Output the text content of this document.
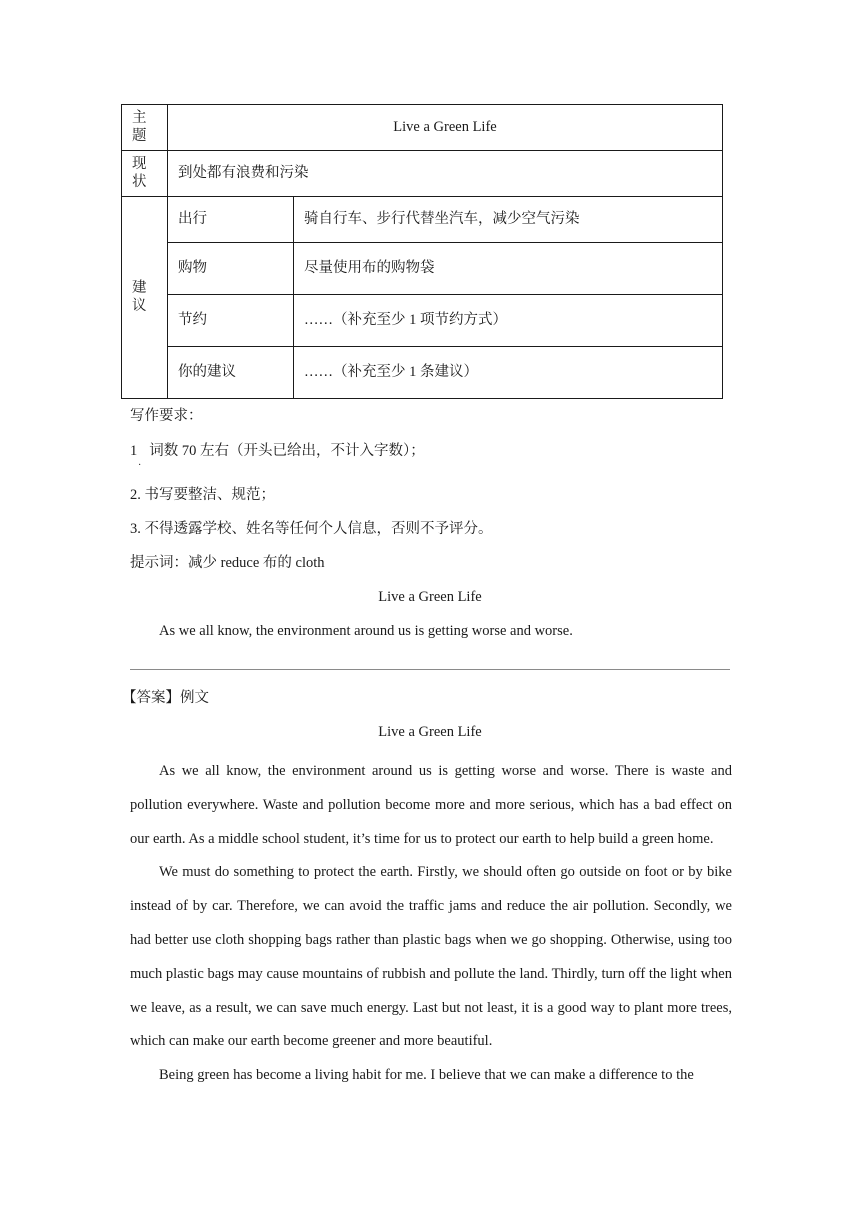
主题	Live a Green Life	
现状	到处都有浪费和污染	
建议	出行	骑自行车、步行代替坐汽车，减少空气污染
	购物	尽量使用布的购物袋
	节约	……（补充至少 1 项节约方式）
	你的建议	……（补充至少 1 条建议）
写作要求：
1 词数 70 左右（开头已给出，不计入字数）；
·
2. 书写要整洁、规范；
3. 不得透露学校、姓名等任何个人信息，否则不予评分。
提示词：减少 reduce 布的 cloth
Live a Green Life
As we all know, the environment around us is getting worse and worse.
【答案】例文
Live a Green Life

As we all know, the environment around us is getting worse and worse. There is waste and pollution everywhere. Waste and pollution become more and more serious, which has a bad effect on our earth. As a middle school student, it’s time for us to protect our earth to help build a green home.

We must do something to protect the earth. Firstly, we should often go outside on foot or by bike instead of by car. Therefore, we can avoid the traffic jams and reduce the air pollution. Secondly, we had better use cloth shopping bags rather than plastic bags when we go shopping. Otherwise, using too much plastic bags may cause mountains of rubbish and pollute the land. Thirdly, turn off the light when we leave, as a result, we can save much energy. Last but not least, it is a good way to plant more trees, which can make our earth become greener and more beautiful.

Being green has become a living habit for me. I believe that we can make a difference to the
